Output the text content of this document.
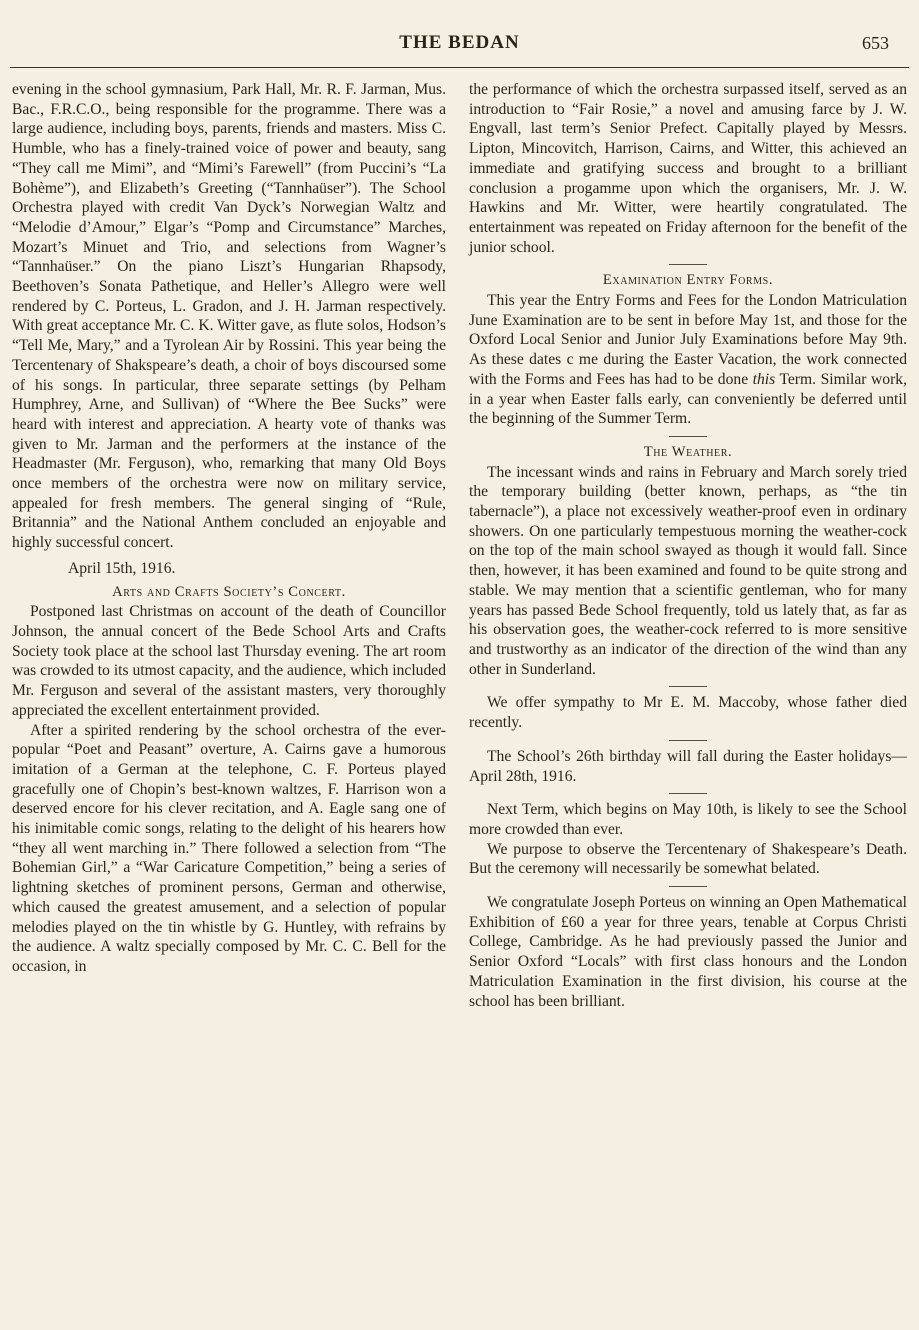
THE BEDAN	653

evening in the school gymnasium, Park Hall, Mr. R. F. Jarman, Mus. Bac., F.R.C.O., being responsible for the programme. There was a large audience, including boys, parents, friends and masters. Miss C. Humble, who has a finely-trained voice of power and beauty, sang “They call me Mimi”, and “Mimi’s Farewell” (from Puccini’s “La Bohème”), and Elizabeth’s Greeting (“Tannhaüser”). The School Orchestra played with credit Van Dyck’s Norwegian Waltz and “Melodie d’Amour,” Elgar’s “Pomp and Circumstance” Marches, Mozart’s Minuet and Trio, and selections from Wagner’s “Tannhaüser.” On the piano Liszt’s Hungarian Rhapsody, Beethoven’s Sonata Pathetique, and Heller’s Allegro were well rendered by C. Porteus, L. Gradon, and J. H. Jarman respectively. With great acceptance Mr. C. K. Witter gave, as flute solos, Hodson’s “Tell Me, Mary,” and a Tyrolean Air by Rossini. This year being the Tercentenary of Shakspeare’s death, a choir of boys discoursed some of his songs. In particular, three separate settings (by Pelham Humphrey, Arne, and Sullivan) of “Where the Bee Sucks” were heard with interest and appreciation. A hearty vote of thanks was given to Mr. Jarman and the performers at the instance of the Headmaster (Mr. Ferguson), who, remarking that many Old Boys once members of the orchestra were now on military service, appealed for fresh members. The general singing of “Rule, Britannia” and the National Anthem concluded an enjoyable and highly successful concert.

April 15th, 1916.

Arts and Crafts Society’s Concert.

Postponed last Christmas on account of the death of Councillor Johnson, the annual concert of the Bede School Arts and Crafts Society took place at the school last Thursday evening. The art room was crowded to its utmost capacity, and the audience, which included Mr. Ferguson and several of the assistant masters, very thoroughly appreciated the excellent entertainment provided.

After a spirited rendering by the school orchestra of the ever-popular “Poet and Peasant” overture, A. Cairns gave a humorous imitation of a German at the telephone, C. F. Porteus played gracefully one of Chopin’s best-known waltzes, F. Harrison won a deserved encore for his clever recitation, and A. Eagle sang one of his inimitable comic songs, relating to the delight of his hearers how “they all went marching in.” There followed a selection from “The Bohemian Girl,” a “War Caricature Competition,” being a series of lightning sketches of prominent persons, German and otherwise, which caused the greatest amusement, and a selection of popular melodies played on the tin whistle by G. Huntley, with refrains by the audience. A waltz specially composed by Mr. C. C. Bell for the occasion, in

the performance of which the orchestra surpassed itself, served as an introduction to “Fair Rosie,” a novel and amusing farce by J. W. Engvall, last term’s Senior Prefect. Capitally played by Messrs. Lipton, Mincovitch, Harrison, Cairns, and Witter, this achieved an immediate and gratifying success and brought to a brilliant conclusion a progamme upon which the organisers, Mr. J. W. Hawkins and Mr. Witter, were heartily congratulated. The entertainment was repeated on Friday afternoon for the benefit of the junior school.

Examination Entry Forms.

This year the Entry Forms and Fees for the London Matriculation June Examination are to be sent in before May 1st, and those for the Oxford Local Senior and Junior July Examinations before May 9th. As these dates c me during the Easter Vacation, the work connected with the Forms and Fees has had to be done this Term. Similar work, in a year when Easter falls early, can conveniently be deferred until the beginning of the Summer Term.

The Weather.

The incessant winds and rains in February and March sorely tried the temporary building (better known, perhaps, as “the tin tabernacle”), a place not excessively weather-proof even in ordinary showers. On one particularly tempestuous morning the weather-cock on the top of the main school swayed as though it would fall. Since then, however, it has been examined and found to be quite strong and stable. We may mention that a scientific gentleman, who for many years has passed Bede School frequently, told us lately that, as far as his observation goes, the weather-cock referred to is more sensitive and trustworthy as an indicator of the direction of the wind than any other in Sunderland.

We offer sympathy to Mr E. M. Maccoby, whose father died recently.

The School’s 26th birthday will fall during the Easter holidays—April 28th, 1916.

Next Term, which begins on May 10th, is likely to see the School more crowded than ever.

We purpose to observe the Tercentenary of Shakespeare’s Death. But the ceremony will necessarily be somewhat belated.

We congratulate Joseph Porteus on winning an Open Mathematical Exhibition of £60 a year for three years, tenable at Corpus Christi College, Cambridge. As he had previously passed the Junior and Senior Oxford “Locals” with first class honours and the London Matriculation Examination in the first division, his course at the school has been brilliant.
